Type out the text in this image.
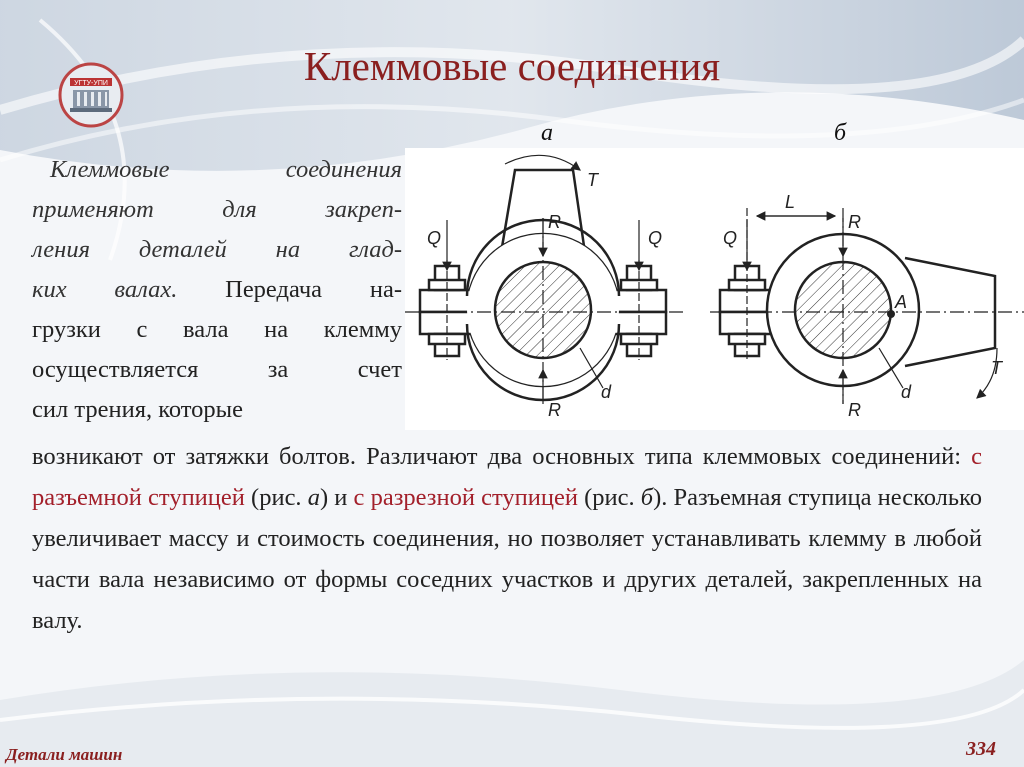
УГТУ-УПИ	Клеммовые соединения
а	б
Q	Q
R
R
T
d
Q
L
R
R
A
T
d
Клеммовые соединения
применяют для закреп-
ления деталей на глад-
ких валах. Передача на-
грузки с вала на клемму
осуществляется за счет
сил трения, которые
возникают от затяжки болтов. Различают два основных типа клеммовых соединений: с разъемной ступицей (рис. а) и с разрезной ступицей (рис. б). Разъемная ступица несколько увеличивает массу и стоимость соединения, но позволяет устанавливать клемму в любой части вала независимо от формы соседних участков и других деталей, закрепленных на валу.
Детали машин	334
